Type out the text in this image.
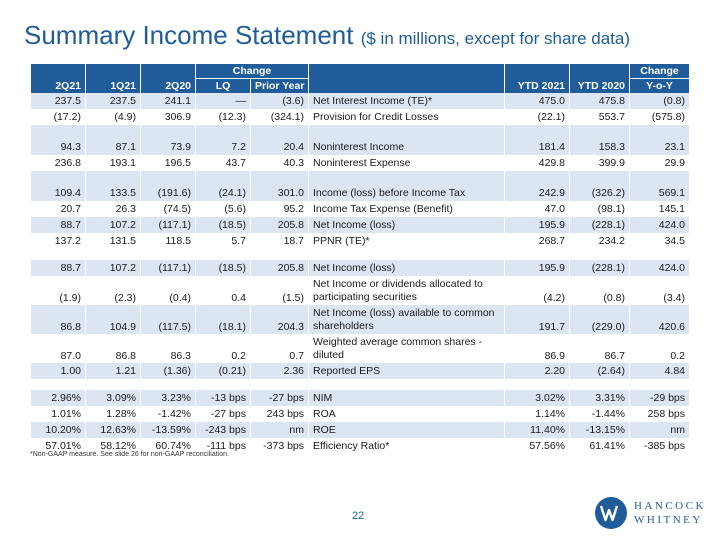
Summary Income Statement ($ in millions, except for share data)
			Change					Change
2Q21	1Q21	2Q20	LQ	Prior Year		YTD 2021	YTD 2020	Y-o-Y
237.5	237.5	241.1	—	(3.6)	Net Interest Income (TE)*	475.0	475.8	(0.8)
(17.2)	(4.9)	306.9	(12.3)	(324.1)	Provision for Credit Losses	(22.1)	553.7	(575.8)

94.3	87.1	73.9	7.2	20.4	Noninterest Income	181.4	158.3	23.1
236.8	193.1	196.5	43.7	40.3	Noninterest Expense	429.8	399.9	29.9

109.4	133.5	(191.6)	(24.1)	301.0	Income (loss) before Income Tax	242.9	(326.2)	569.1
20.7	26.3	(74.5)	(5.6)	95.2	Income Tax Expense (Benefit)	47.0	(98.1)	145.1
88.7	107.2	(117.1)	(18.5)	205.8	Net Income (loss)	195.9	(228.1)	424.0
137.2	131.5	118.5	5.7	18.7	PPNR (TE)*	268.7	234.2	34.5

88.7	107.2	(117.1)	(18.5)	205.8	Net Income (loss)	195.9	(228.1)	424.0
(1.9)	(2.3)	(0.4)	0.4	(1.5)	Net Income or dividends allocated to participating securities	(4.2)	(0.8)	(3.4)
86.8	104.9	(117.5)	(18.1)	204.3	Net Income (loss) available to common shareholders	191.7	(229.0)	420.6
87.0	86.8	86.3	0.2	0.7	Weighted average common shares - diluted	86.9	86.7	0.2
1.00	1.21	(1.36)	(0.21)	2.36	Reported EPS	2.20	(2.64)	4.84

2.96%	3.09%	3.23%	-13 bps	-27 bps	NIM	3.02%	3.31%	-29 bps
1.01%	1.28%	-1.42%	-27 bps	243 bps	ROA	1.14%	-1.44%	258 bps
10.20%	12.63%	-13.59%	-243 bps	nm	ROE	11.40%	-13.15%	nm
57.01%	58.12%	60.74%	-111 bps	-373 bps	Efficiency Ratio*	57.56%	61.41%	-385 bps
*Non-GAAP measure. See slide 26 for non-GAAP reconciliation.
22
HANCOCK
WHITNEY
